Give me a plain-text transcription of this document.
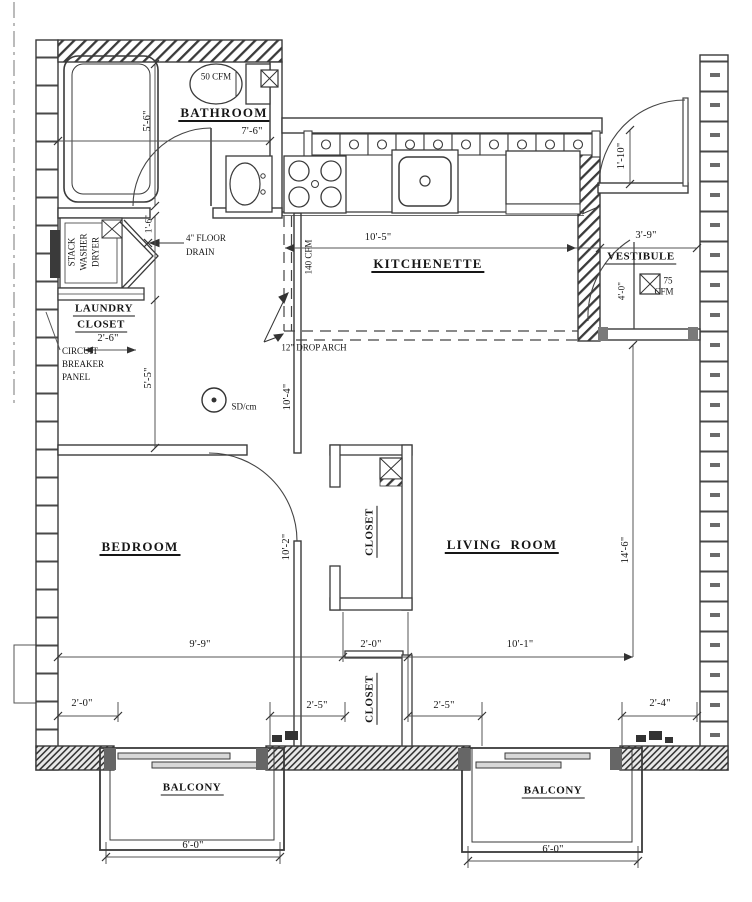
BATHROOM
LAUNDRY
CLOSET
KITCHENETTE	VESTIBULE
BEDROOM	CLOSET	LIVING  ROOM
CLOSET
BALCONY	BALCONY
7'-6"
5'-6"
1'-6"
5'-5"
2'-6"
10'-5"	3'-9"
1'-10"
4'-0"
10'-4"
10'-2"	14'-6"
9'-9"	2'-0"	10'-1"
2'-0"	2'-5"	2'-5"	2'-4"
6'-0"	6'-0"
50 CFM
140 CFM
75
CFM
4" FLOOR
DRAIN
12" DROP ARCH
CIRCUIT
BREAKER
PANEL
STACK WASHER DRYER
SD/cm
